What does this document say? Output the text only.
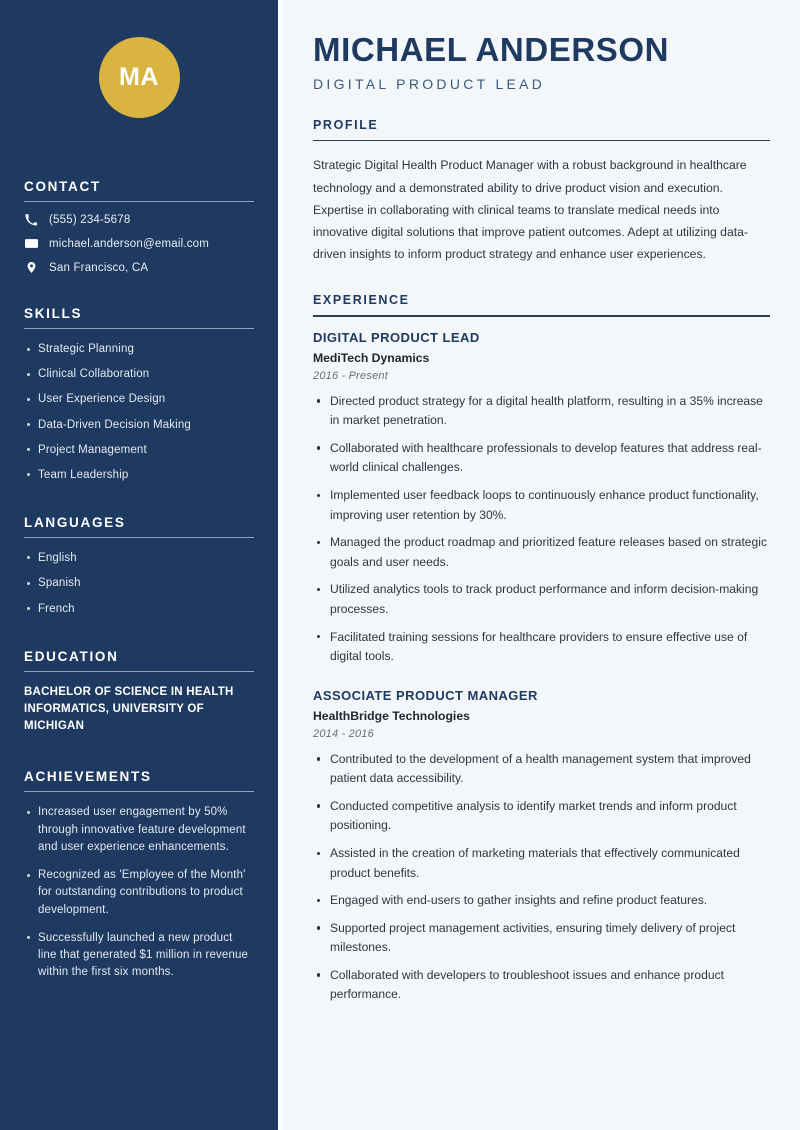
MA
CONTACT
(555) 234-5678
michael.anderson@email.com
San Francisco, CA
SKILLS
Strategic Planning
Clinical Collaboration
User Experience Design
Data-Driven Decision Making
Project Management
Team Leadership
LANGUAGES
English
Spanish
French
EDUCATION
BACHELOR OF SCIENCE IN HEALTH INFORMATICS, UNIVERSITY OF MICHIGAN
ACHIEVEMENTS
Increased user engagement by 50% through innovative feature development and user experience enhancements.
Recognized as 'Employee of the Month' for outstanding contributions to product development.
Successfully launched a new product line that generated $1 million in revenue within the first six months.
MICHAEL ANDERSON
DIGITAL PRODUCT LEAD
PROFILE

Strategic Digital Health Product Manager with a robust background in healthcare technology and a demonstrated ability to drive product vision and execution. Expertise in collaborating with clinical teams to translate medical needs into innovative digital solutions that improve patient outcomes. Adept at utilizing data-driven insights to inform product strategy and enhance user experiences.

EXPERIENCE
DIGITAL PRODUCT LEAD
MediTech Dynamics
2016 - Present
Directed product strategy for a digital health platform, resulting in a 35% increase in market penetration.
Collaborated with healthcare professionals to develop features that address real-world clinical challenges.
Implemented user feedback loops to continuously enhance product functionality, improving user retention by 30%.
Managed the product roadmap and prioritized feature releases based on strategic goals and user needs.
Utilized analytics tools to track product performance and inform decision-making processes.
Facilitated training sessions for healthcare providers to ensure effective use of digital tools.
ASSOCIATE PRODUCT MANAGER
HealthBridge Technologies
2014 - 2016
Contributed to the development of a health management system that improved patient data accessibility.
Conducted competitive analysis to identify market trends and inform product positioning.
Assisted in the creation of marketing materials that effectively communicated product benefits.
Engaged with end-users to gather insights and refine product features.
Supported project management activities, ensuring timely delivery of project milestones.
Collaborated with developers to troubleshoot issues and enhance product performance.
